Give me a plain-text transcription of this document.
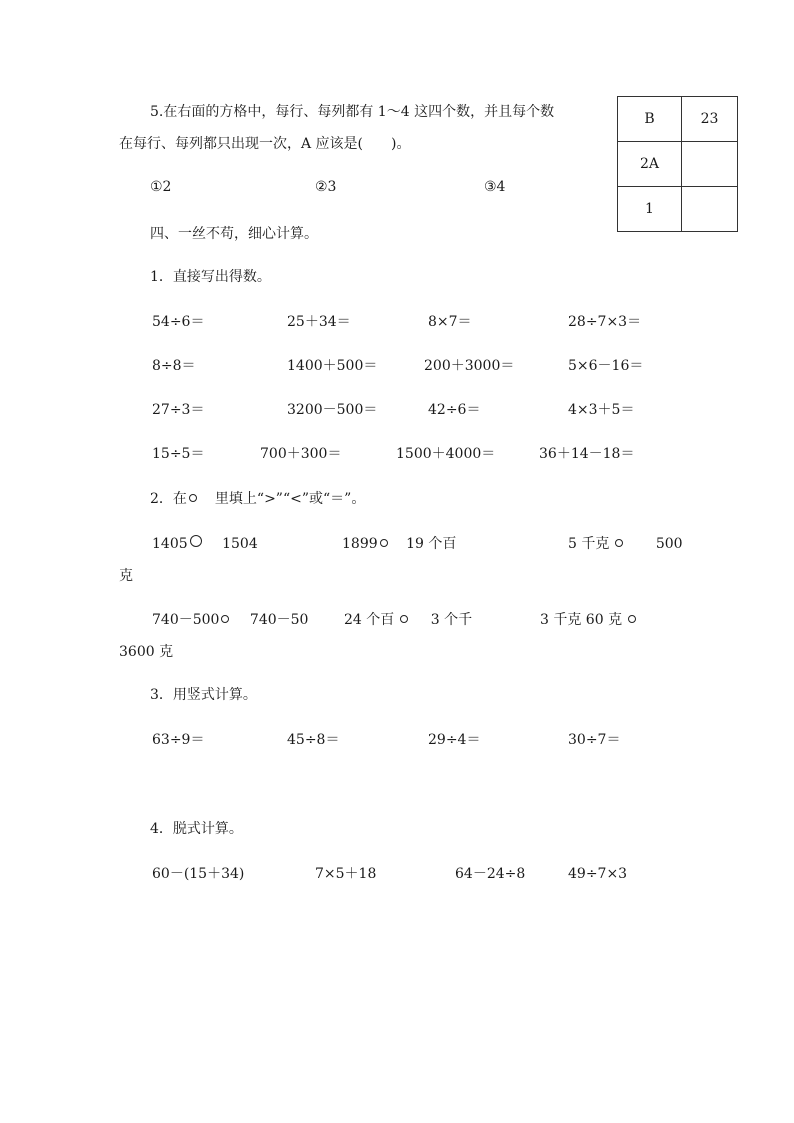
5.在右面的方格中，每行、每列都有 1～4 这四个数，并且每个数
在每行、每列都只出现一次，A 应该是(　　)。
①2	②3	③4
B	23
2A	
1	
四、一丝不苟，细心计算。
1．直接写出得数。
54÷6＝	25＋34＝	8×7＝	28÷7×3＝
8÷8＝	1400＋500＝	200＋3000＝	5×6－16＝
27÷3＝	3200－500＝	42÷6＝	4×3＋5＝
15÷5＝	700＋300＝	1500＋4000＝	36＋14－18＝
2．在 里填上“>”“<”或“＝”。
1405 1504	1899 19 个百	5 千克	500
克
740－500 740－50	24 个百	3 个千	3 千克 60 克
3600 克
3．用竖式计算。
63÷9＝	45÷8＝	29÷4＝	30÷7＝
4．脱式计算。
60－(15＋34)	7×5＋18	64－24÷8	49÷7×3
